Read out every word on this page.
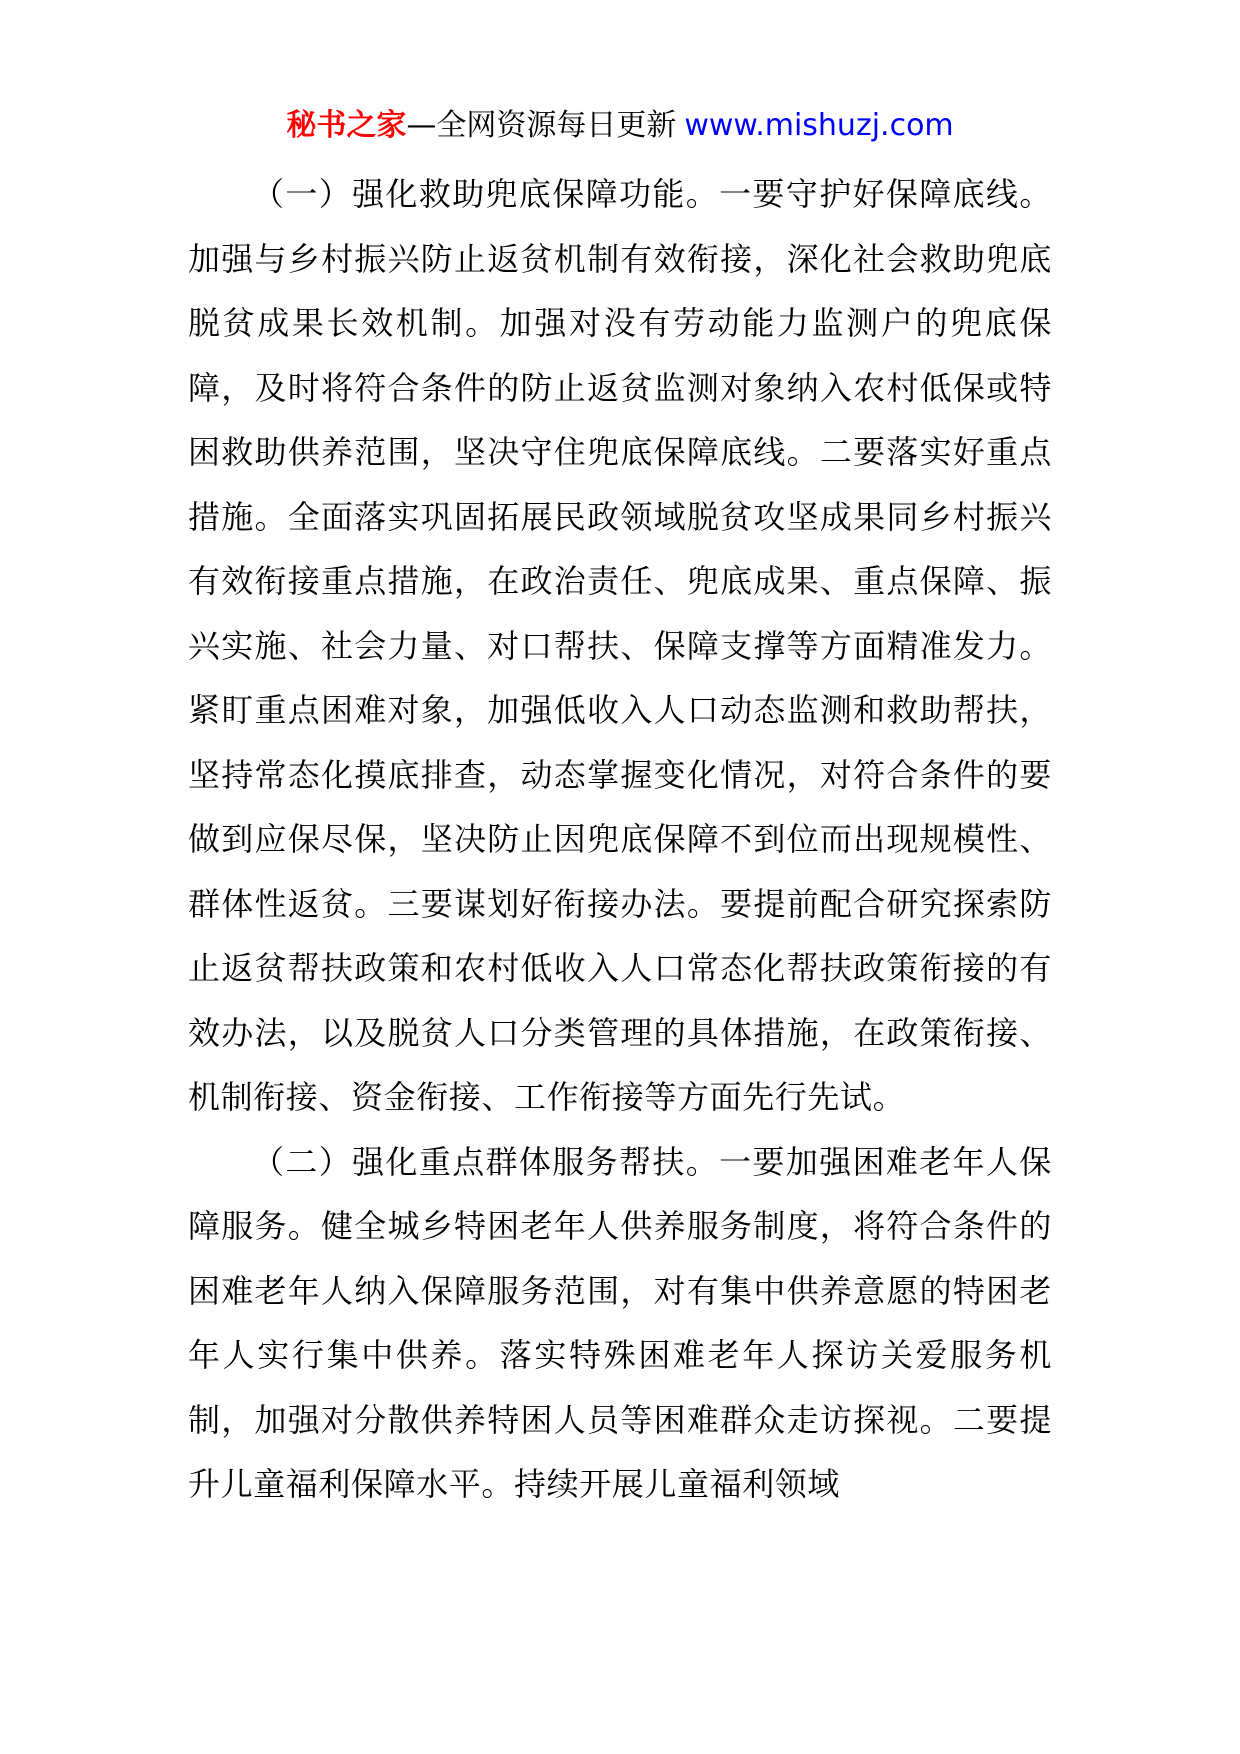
秘书之家—全网资源每日更新 www.mishuzj.com

（一）强化救助兜底保障功能。一要守护好保障底线。加强与乡村振兴防止返贫机制有效衔接，深化社会救助兜底脱贫成果长效机制。加强对没有劳动能力监测户的兜底保障，及时将符合条件的防止返贫监测对象纳入农村低保或特困救助供养范围，坚决守住兜底保障底线。二要落实好重点措施。全面落实巩固拓展民政领域脱贫攻坚成果同乡村振兴有效衔接重点措施，在政治责任、兜底成果、重点保障、振兴实施、社会力量、对口帮扶、保障支撑等方面精准发力。紧盯重点困难对象，加强低收入人口动态监测和救助帮扶，坚持常态化摸底排查，动态掌握变化情况，对符合条件的要做到应保尽保，坚决防止因兜底保障不到位而出现规模性、群体性返贫。三要谋划好衔接办法。要提前配合研究探索防止返贫帮扶政策和农村低收入人口常态化帮扶政策衔接的有效办法，以及脱贫人口分类管理的具体措施，在政策衔接、机制衔接、资金衔接、工作衔接等方面先行先试。

（二）强化重点群体服务帮扶。一要加强困难老年人保障服务。健全城乡特困老年人供养服务制度，将符合条件的困难老年人纳入保障服务范围，对有集中供养意愿的特困老年人实行集中供养。落实特殊困难老年人探访关爱服务机制，加强对分散供养特困人员等困难群众走访探视。二要提升儿童福利保障水平。持续开展儿童福利领域
